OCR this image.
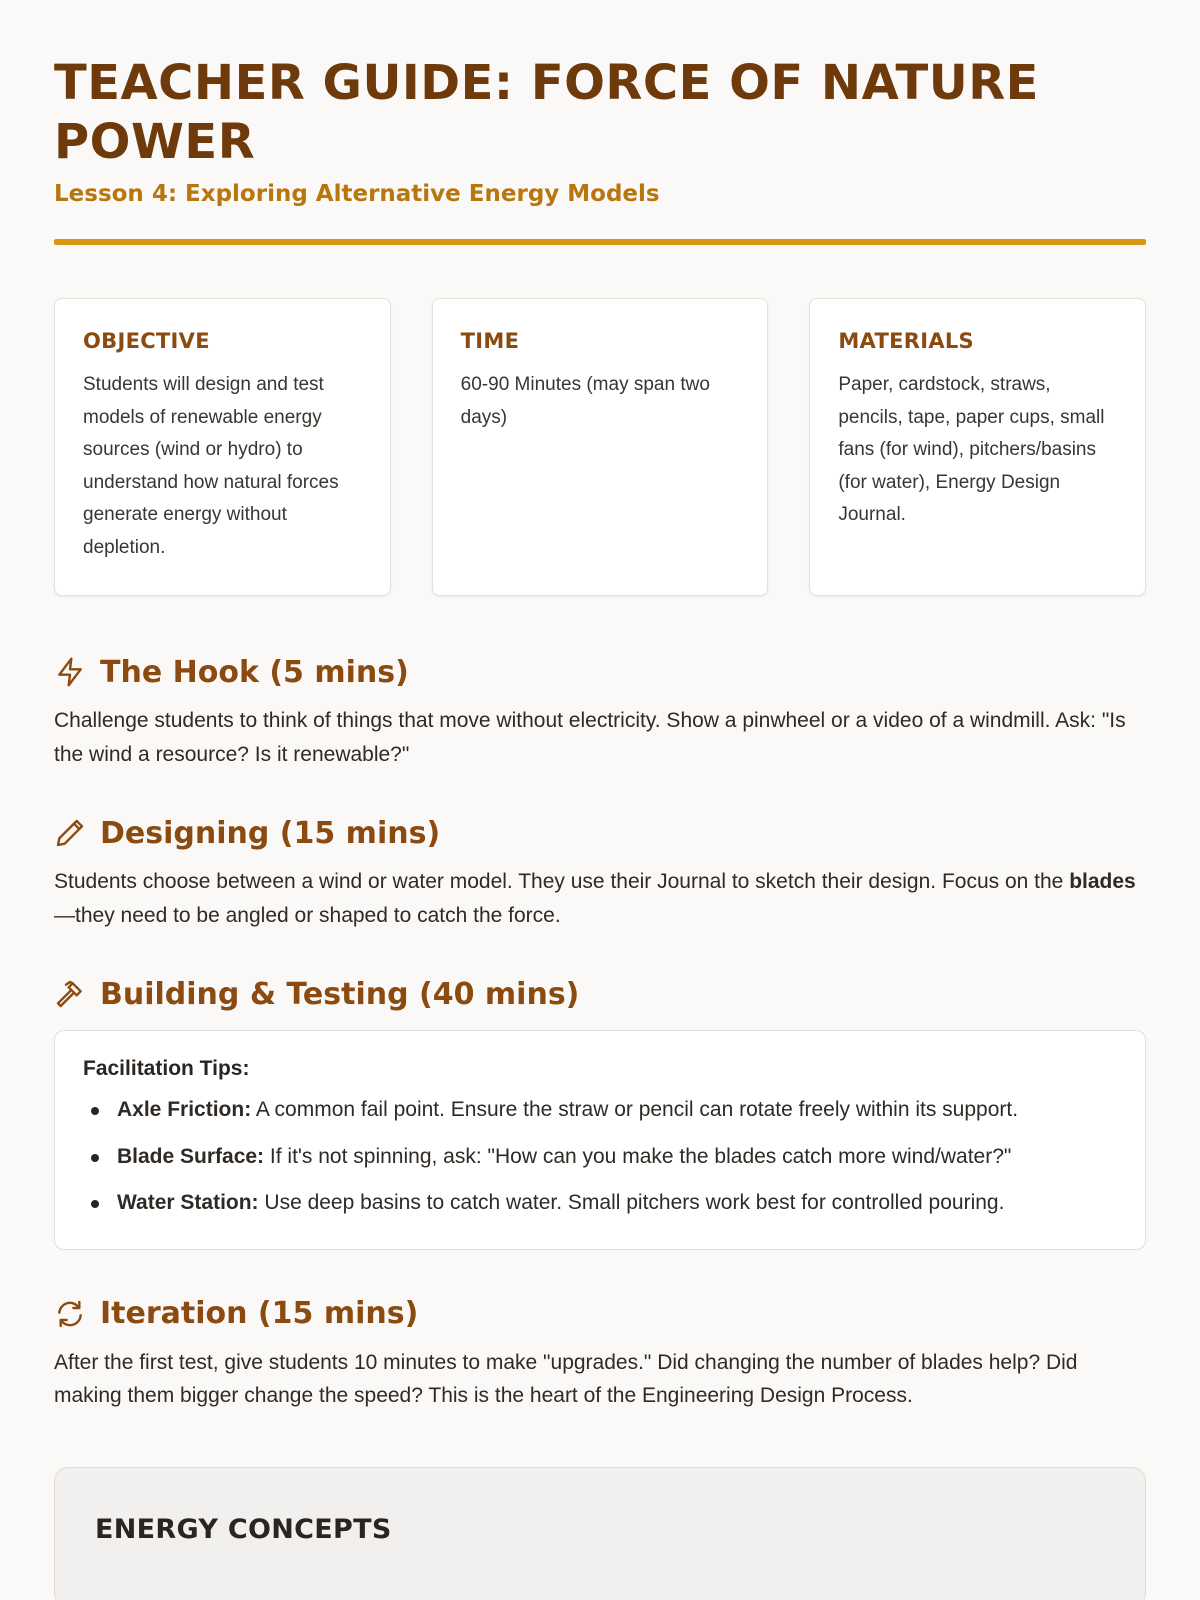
TEACHER GUIDE: FORCE OF NATURE POWER
Lesson 4: Exploring Alternative Energy Models
OBJECTIVE
Students will design and test models of renewable energy sources (wind or hydro) to understand how natural forces generate energy without depletion.
TIME
60-90 Minutes (may span two days)
MATERIALS
Paper, cardstock, straws, pencils, tape, paper cups, small fans (for wind), pitchers/basins (for water), Energy Design Journal.
The Hook (5 mins)

Challenge students to think of things that move without electricity. Show a pinwheel or a video of a windmill. Ask: "Is the wind a resource? Is it renewable?"

Designing (15 mins)

Students choose between a wind or water model. They use their Journal to sketch their design. Focus on the blades—they need to be angled or shaped to catch the force.

Building & Testing (40 mins)
Facilitation Tips:
Axle Friction: A common fail point. Ensure the straw or pencil can rotate freely within its support.
Blade Surface: If it's not spinning, ask: "How can you make the blades catch more wind/water?"
Water Station: Use deep basins to catch water. Small pitchers work best for controlled pouring.
Iteration (15 mins)

After the first test, give students 10 minutes to make "upgrades." Did changing the number of blades help? Did making them bigger change the speed? This is the heart of the Engineering Design Process.

ENERGY CONCEPTS
